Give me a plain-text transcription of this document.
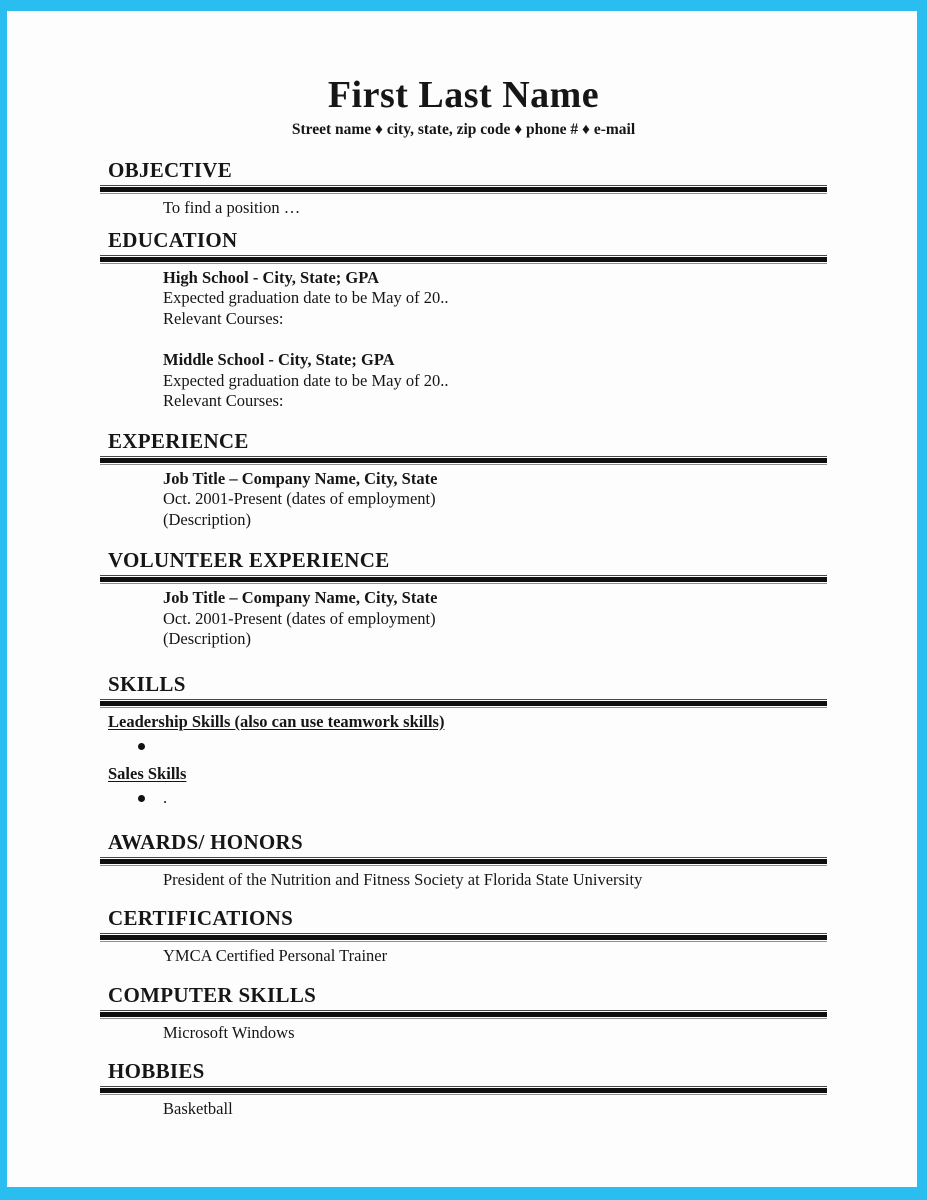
First Last Name
Street name ♦ city, state, zip code ♦ phone # ♦ e-mail
OBJECTIVE
To find a position …
EDUCATION
High School - City, State; GPA
Expected graduation date to be May of 20..
Relevant Courses:
Middle School - City, State; GPA
Expected graduation date to be May of 20..
Relevant Courses:
EXPERIENCE
Job Title – Company Name, City, State
Oct. 2001-Present (dates of employment)
(Description)
VOLUNTEER EXPERIENCE
Job Title – Company Name, City, State
Oct. 2001-Present (dates of employment)
(Description)
SKILLS
Leadership Skills (also can use teamwork skills)
Sales Skills
.
AWARDS/ HONORS
President of the Nutrition and Fitness Society at Florida State University
CERTIFICATIONS
YMCA Certified Personal Trainer
COMPUTER SKILLS
Microsoft Windows
HOBBIES
Basketball
